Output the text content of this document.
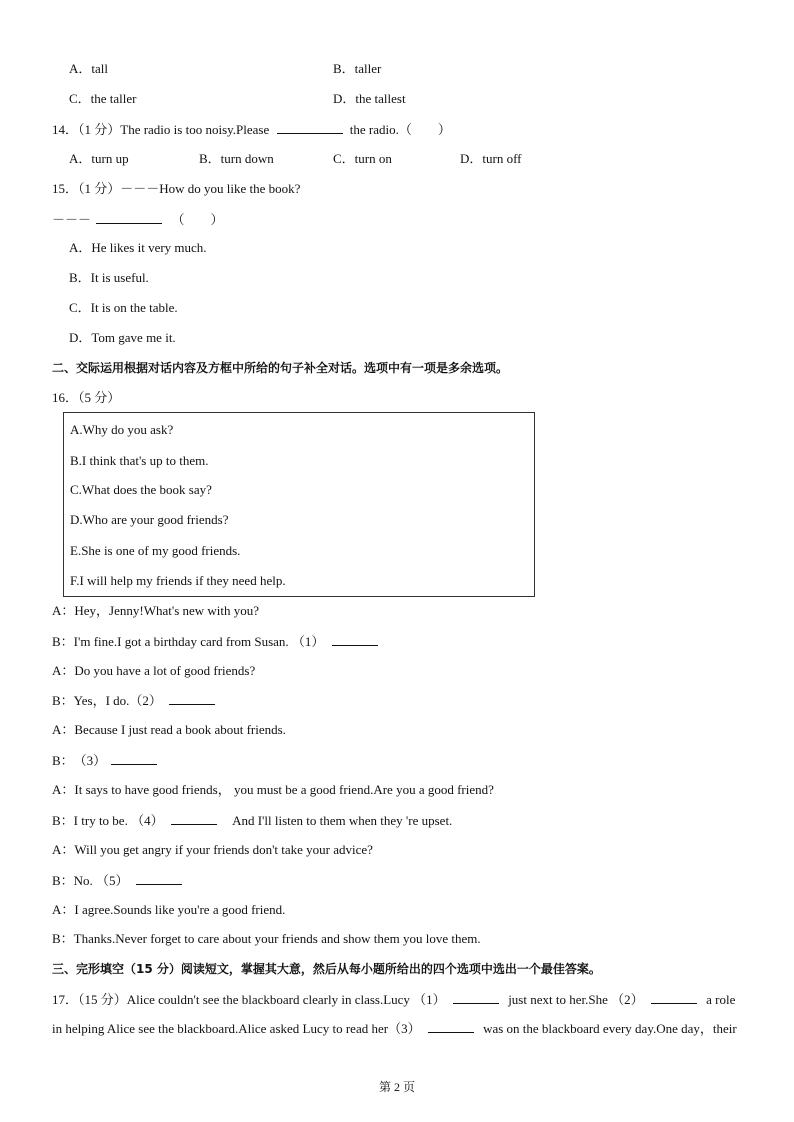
A．tall	B．taller
C．the taller	D．the tallest
14．（1 分）The radio is too noisy.Please	the radio.（　　）
A．turn up	B．turn down	C．turn on	D．turn off
15．（1 分）－－－How do you like the book?
－－－	（　　）
A．He likes it very much.
B．It is useful.
C．It is on the table.
D．Tom gave me it.
二、交际运用根据对话内容及方框中所给的句子补全对话。选项中有一项是多余选项。
16．（5 分）
A.Why do you ask?
B.I think that's up to them.
C.What does the book say?
D.Who are your good friends?
E.She is one of my good friends.
F.I will help my friends if they need help.
A：Hey，Jenny!What's new with you?
B：I'm fine.I got a birthday card from Susan. （1）
A：Do you have a lot of good friends?
B：Yes，I do.（2）
A：Because I just read a book about friends.
B：　（3）
A：It says to have good friends， you must be a good friend.Are you a good friend?
B：I try to be. （4）	And I'll listen to them when they 're upset.
A：Will you get angry if your friends don't take your advice?
B：No. （5）
A：I agree.Sounds like you're a good friend.
B：Thanks.Never forget to care about your friends and show them you love them.
三、完形填空（15 分）阅读短文，掌握其大意，然后从每小题所给出的四个选项中选出一个最佳答案。
17．（15 分）Alice couldn't see the blackboard clearly in class.Lucy （1）	just next to her.She （2）	a role
in helping Alice see the blackboard.Alice asked Lucy to read her（3）	was on the blackboard every day.One day，their
第 2 页
